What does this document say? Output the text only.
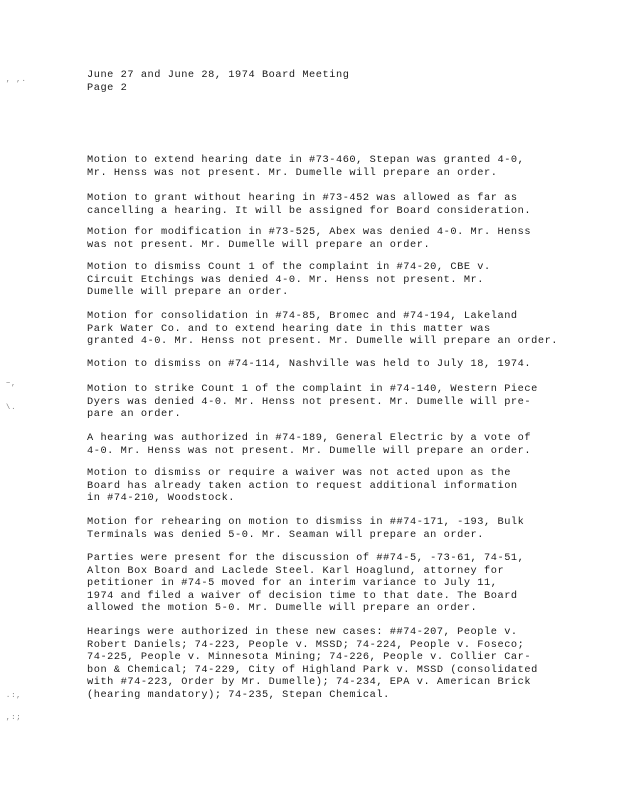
, ,.
~,
\.
.:,
,:;
June 27 and June 28, 1974 Board Meeting
Page 2
Motion to extend hearing date in #73-460, Stepan was granted 4-0,
Mr. Henss was not present. Mr. Dumelle will prepare an order.
Motion to grant without hearing in #73-452 was allowed as far as
cancelling a hearing. It will be assigned for Board consideration.
Motion for modification in #73-525, Abex was denied 4-0. Mr. Henss
was not present. Mr. Dumelle will prepare an order.
Motion to dismiss Count 1 of the complaint in #74-20, CBE v.
Circuit Etchings was denied 4-0. Mr. Henss not present. Mr.
Dumelle will prepare an order.
Motion for consolidation in #74-85, Bromec and #74-194, Lakeland
Park Water Co. and to extend hearing date in this matter was
granted 4-0. Mr. Henss not present. Mr. Dumelle will prepare an order.
Motion to dismiss on #74-114, Nashville was held to July 18, 1974.
Motion to strike Count 1 of the complaint in #74-140, Western Piece
Dyers was denied 4-0. Mr. Henss not present. Mr. Dumelle will pre-
pare an order.
A hearing was authorized in #74-189, General Electric by a vote of
4-0. Mr. Henss was not present. Mr. Dumelle will prepare an order.
Motion to dismiss or require a waiver was not acted upon as the
Board has already taken action to request additional information
in #74-210, Woodstock.
Motion for rehearing on motion to dismiss in ##74-171, -193, Bulk
Terminals was denied 5-0. Mr. Seaman will prepare an order.
Parties were present for the discussion of ##74-5, -73-61, 74-51,
Alton Box Board and Laclede Steel. Karl Hoaglund, attorney for
petitioner in #74-5 moved for an interim variance to July 11,
1974 and filed a waiver of decision time to that date. The Board
allowed the motion 5-0. Mr. Dumelle will prepare an order.
Hearings were authorized in these new cases: ##74-207, People v.
Robert Daniels; 74-223, People v. MSSD; 74-224, People v. Foseco;
74-225, People v. Minnesota Mining; 74-226, People v. Collier Car-
bon & Chemical; 74-229, City of Highland Park v. MSSD (consolidated
with #74-223, Order by Mr. Dumelle); 74-234, EPA v. American Brick
(hearing mandatory); 74-235, Stepan Chemical.
